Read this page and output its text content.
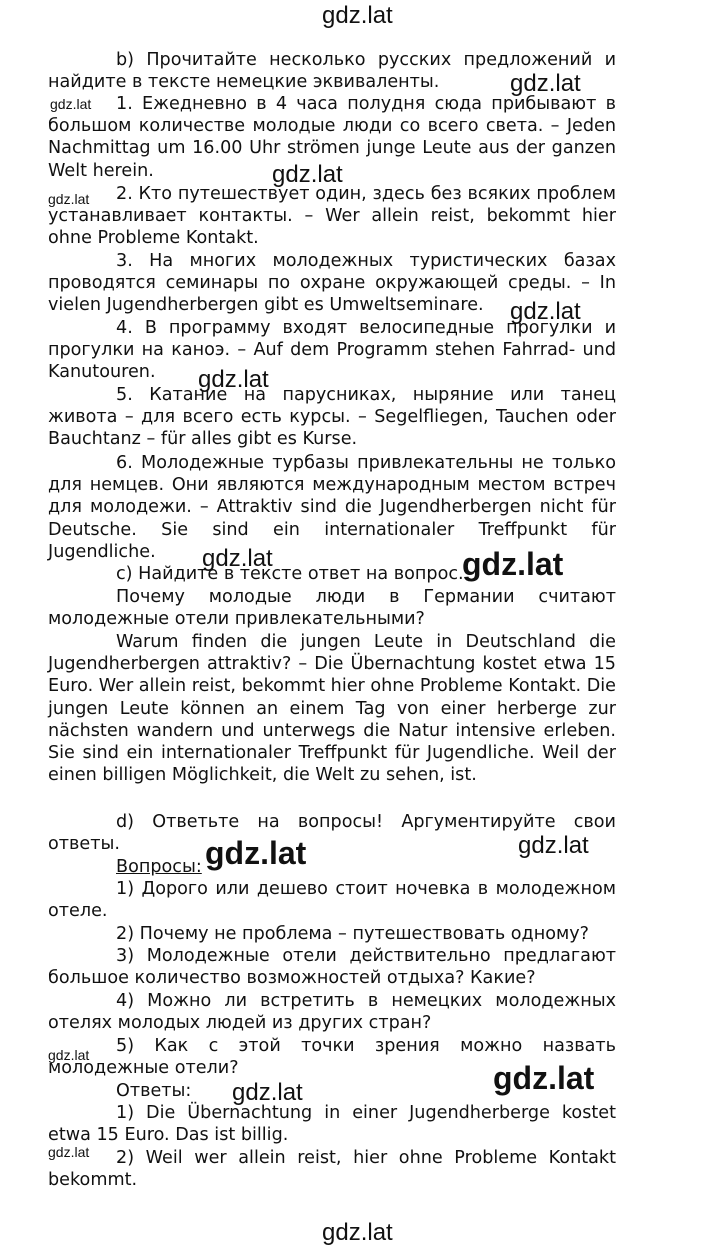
gdz.lat
gdz.lat
gdz.lat
gdz.lat
gdz.lat
gdz.lat
gdz.lat
gdz.lat	gdz.lat
gdz.lat	gdz.lat
gdz.lat
gdz.lat	gdz.lat
gdz.lat
gdz.lat

b) Прочитайте несколько русских предложений и найдите в тексте немецкие эквиваленты.

1. Ежедневно в 4 часа полудня сюда прибывают в большом количестве молодые люди со всего света. – Jeden Nachmittag um 16.00 Uhr strömen junge Leute aus der ganzen Welt herein.

2. Кто путешествует один, здесь без всяких проблем устанавливает контакты. – Wer allein reist, bekommt hier ohne Probleme Kontakt.

3. На многих молодежных туристических базах проводятся семинары по охране окружающей среды. – In vielen Jugendherbergen gibt es Umweltseminare.

4. В программу входят велосипедные прогулки и прогулки на каноэ. – Auf dem Programm stehen Fahrrad- und Kanutouren.

5. Катание на парусниках, ныряние или танец живота – для всего есть курсы. – Segelfliegen, Tauchen oder Bauchtanz – für alles gibt es Kurse.

6. Молодежные турбазы привлекательны не только для немцев. Они являются международным местом встреч для молодежи. – Attraktiv sind die Jugendherbergen nicht für Deutsche. Sie sind ein internationaler Treffpunkt für Jugendliche.

c) Найдите в тексте ответ на вопрос.

Почему молодые люди в Германии считают молодежные отели привлекательными?

Warum finden die jungen Leute in Deutschland die Jugendherbergen attraktiv? – Die Übernachtung kostet etwa 15 Euro. Wer allein reist, bekommt hier ohne Probleme Kontakt. Die jungen Leute können an einem Tag von einer herberge zur nächsten wandern und unterwegs die Natur intensive erleben. Sie sind ein internationaler Treffpunkt für Jugendliche. Weil der einen billigen Möglichkeit, die Welt zu sehen, ist.

d) Ответьте на вопросы! Аргументируйте свои ответы.

Вопросы:

1) Дорого или дешево стоит ночевка в молодежном отеле.

2) Почему не проблема – путешествовать одному?

3) Молодежные отели действительно предлагают большое количество возможностей отдыха? Какие?

4) Можно ли встретить в немецких молодежных отелях молодых людей из других стран?

5) Как с этой точки зрения можно назвать молодежные отели?

Ответы:

1) Die Übernachtung in einer Jugendherberge kostet etwa 15 Euro. Das ist billig.

2) Weil wer allein reist, hier ohne Probleme Kontakt bekommt.
